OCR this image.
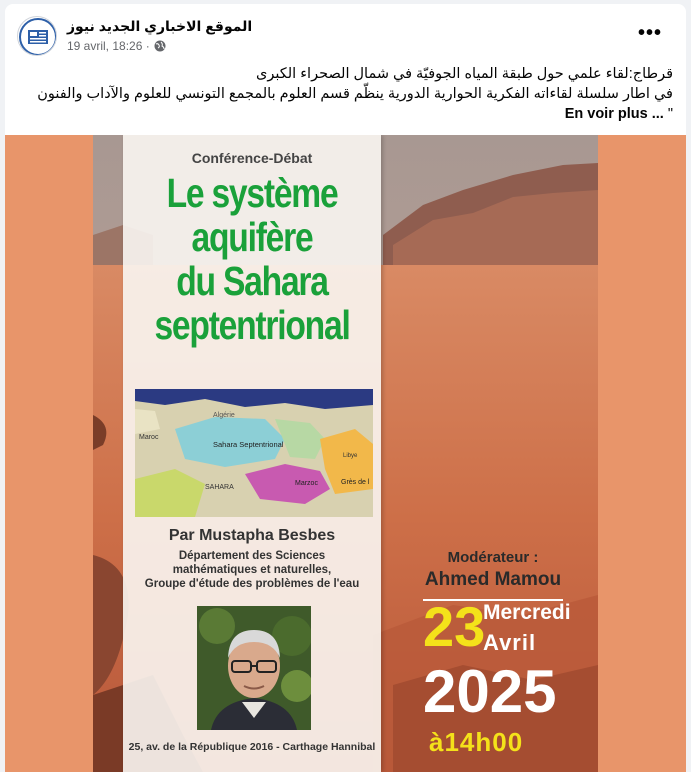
الموقع الاخباري الجديد نيوز
19 avril, 18:26 ·
•••
قرطاج:لقاء علمي حول طبقة المياه الجوفيّة في شمال الصحراء الكبرى
في اطار سلسلة لقاءاته الفكرية الحوارية الدورية ينظّم قسم العلوم بالمجمع التونسي للعلوم والآداب والفنون
" En voir plus ...
Conférence-Débat
Le système
aquifère
du Sahara
septentrional
Algérie
Maroc
Sahara Septentrional
SAHARA
Marzoc
Libye
Grès de l
Par Mustapha Besbes
Département des Sciences
mathématiques et naturelles,
Groupe d'étude des problèmes de l'eau
25, av. de la République 2016 - Carthage Hannibal
Modérateur :
Ahmed Mamou
23
Mercredi
Avril
2025
à14h00
